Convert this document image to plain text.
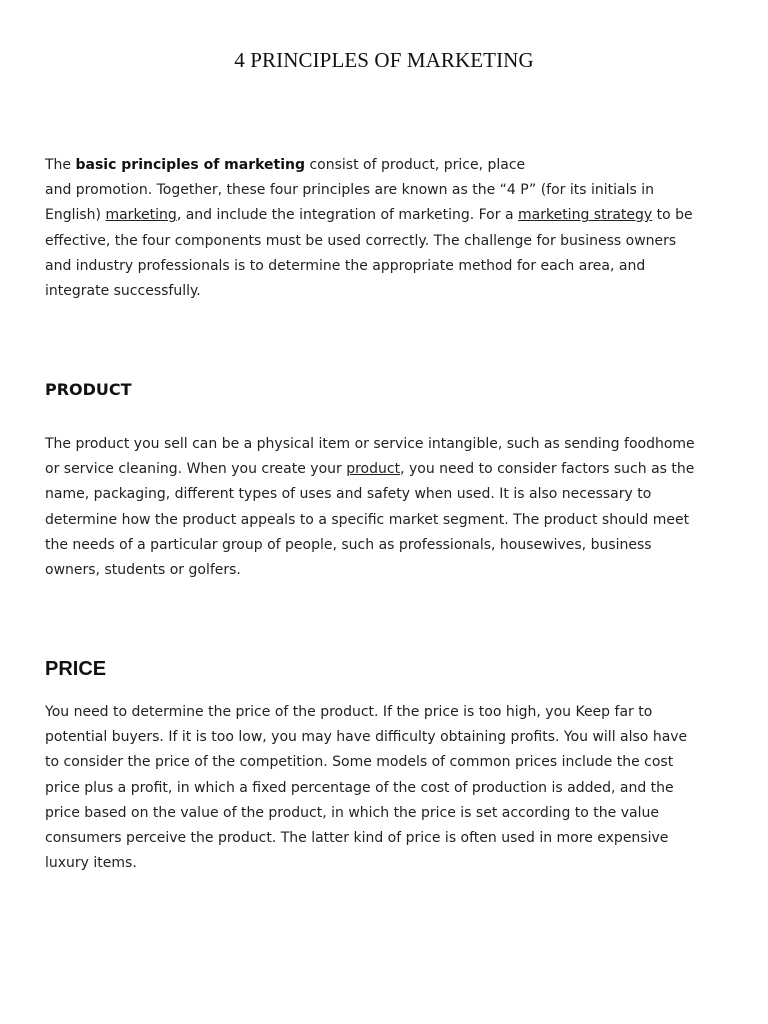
4 PRINCIPLES OF MARKETING
The basic principles of marketing consist of product, price, place
and promotion. Together, these four principles are known as the “4 P” (for its initials in
English) marketing, and include the integration of marketing. For a marketing strategy to be
effective, the four components must be used correctly. The challenge for business owners
and industry professionals is to determine the appropriate method for each area, and
integrate successfully.
PRODUCT
The product you sell can be a physical item or service intangible, such as sending foodhome
or service cleaning. When you create your product, you need to consider factors such as the
name, packaging, different types of uses and safety when used. It is also necessary to
determine how the product appeals to a specific market segment. The product should meet
the needs of a particular group of people, such as professionals, housewives, business
owners, students or golfers.
PRICE
You need to determine the price of the product. If the price is too high, you Keep far to
potential buyers. If it is too low, you may have difficulty obtaining profits. You will also have
to consider the price of the competition. Some models of common prices include the cost
price plus a profit, in which a fixed percentage of the cost of production is added, and the
price based on the value of the product, in which the price is set according to the value
consumers perceive the product. The latter kind of price is often used in more expensive
luxury items.
